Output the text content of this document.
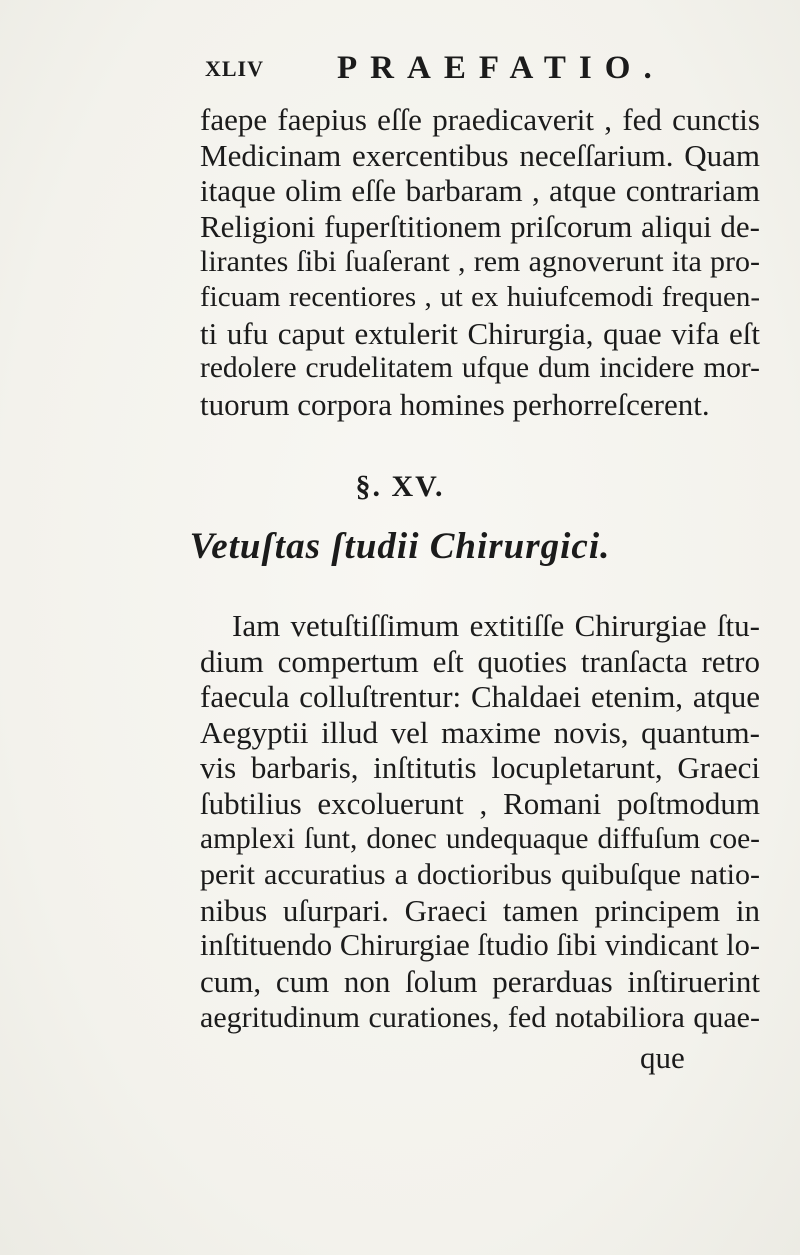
XLIV PRAEFATIO.
faepe faepius eſſe praedicaverit , fed cunctis
Medicinam exercentibus neceſſarium. Quam
itaque olim eſſe barbaram , atque contrariam
Religioni fuperſtitionem priſcorum aliqui de-
lirantes ſibi ſuaſerant , rem agnoverunt ita pro-
ficuam recentiores , ut ex huiufcemodi frequen-
ti ufu caput extulerit Chirurgia, quae vifa eſt
redolere crudelitatem ufque dum incidere mor-
tuorum corpora homines perhorreſcerent.
§. XV.
Vetuſtas ſtudii Chirurgici.
Iam vetuſtiſſimum extitiſſe Chirurgiae ſtu-
dium compertum eſt quoties tranſacta retro
faecula colluſtrentur: Chaldaei etenim, atque
Aegyptii illud vel maxime novis, quantum-
vis barbaris, inſtitutis locupletarunt, Graeci
ſubtilius excoluerunt , Romani poſtmodum
amplexi ſunt, donec undequaque diffuſum coe-
perit accuratius a doctioribus quibuſque natio-
nibus uſurpari. Graeci tamen principem in
inſtituendo Chirurgiae ſtudio ſibi vindicant lo-
cum, cum non ſolum perarduas inſtiruerint
aegritudinum curationes, fed notabiliora quae-
que
